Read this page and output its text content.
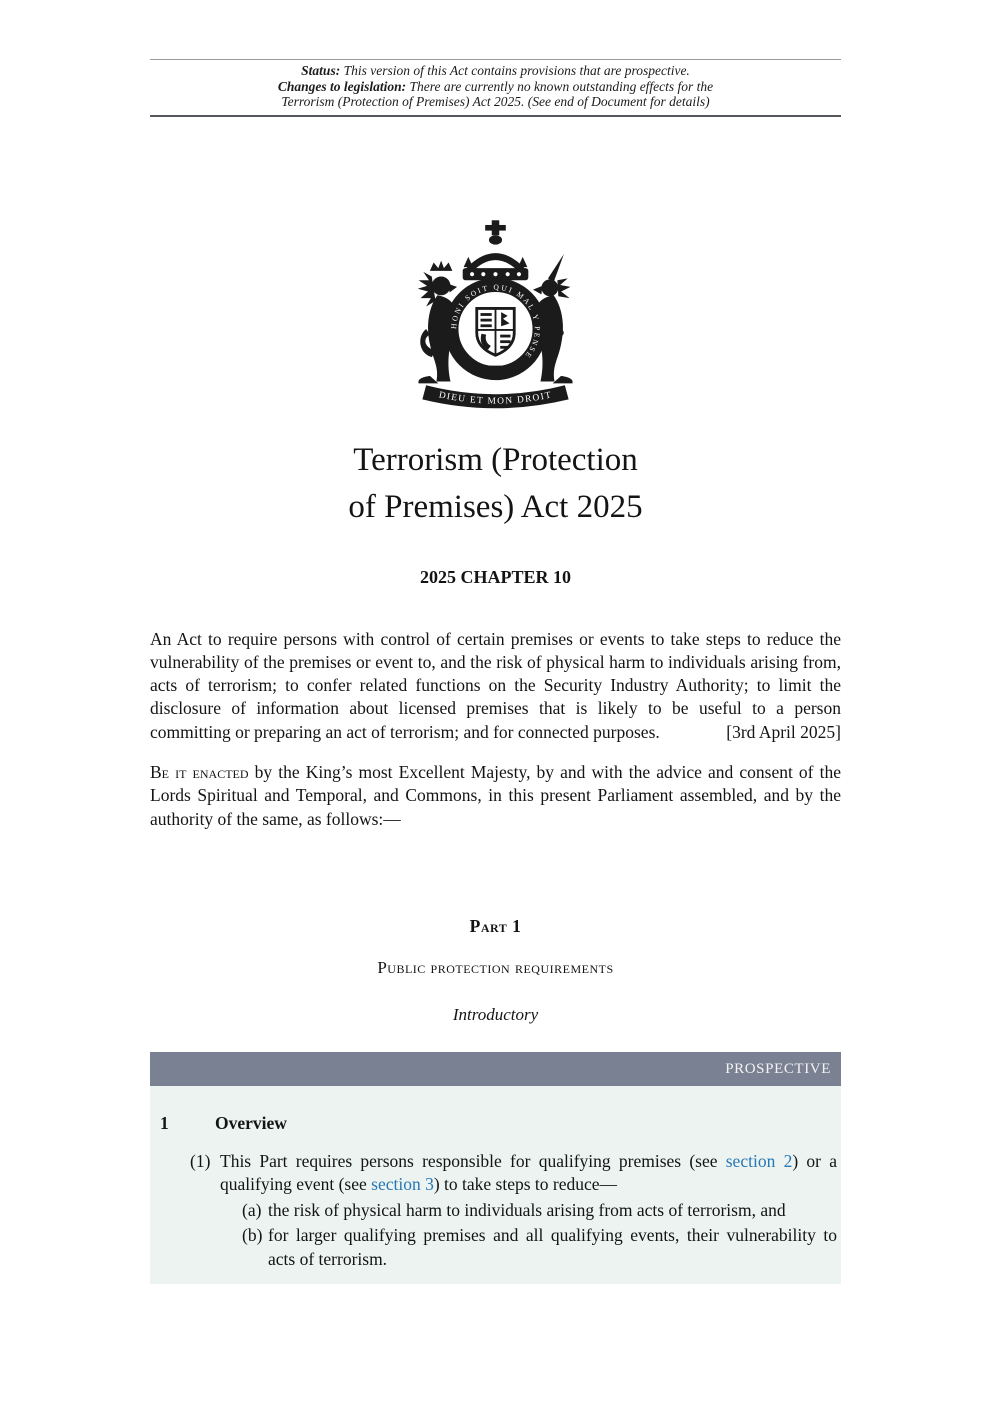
Status: This version of this Act contains provisions that are prospective.
Changes to legislation: There are currently no known outstanding effects for the
Terrorism (Protection of Premises) Act 2025. (See end of Document for details)
HONI SOIT QUI MAL Y PENSE
DIEU ET MON DROIT
Terrorism (Protection
of Premises) Act 2025
2025 CHAPTER 10

An Act to require persons with control of certain premises or events to take steps to reduce the vulnerability of the premises or event to, and the risk of physical harm to individuals arising from, acts of terrorism; to confer related functions on the Security Industry Authority; to limit the disclosure of information about licensed premises that is likely to be useful to a person committing or preparing an act of terrorism; and for connected purposes.	[3rd April 2025]

Be it enacted by the King’s most Excellent Majesty, by and with the advice and consent of the Lords Spiritual and Temporal, and Commons, in this present Parliament assembled, and by the authority of the same, as follows:—

Part 1
Public protection requirements
Introductory
PROSPECTIVE
1	Overview
(1) This Part requires persons responsible for qualifying premises (see section 2) or a qualifying event (see section 3) to take steps to reduce—

(a) the risk of physical harm to individuals arising from acts of terrorism, and

(b) for larger qualifying premises and all qualifying events, their vulnerability to acts of terrorism.
